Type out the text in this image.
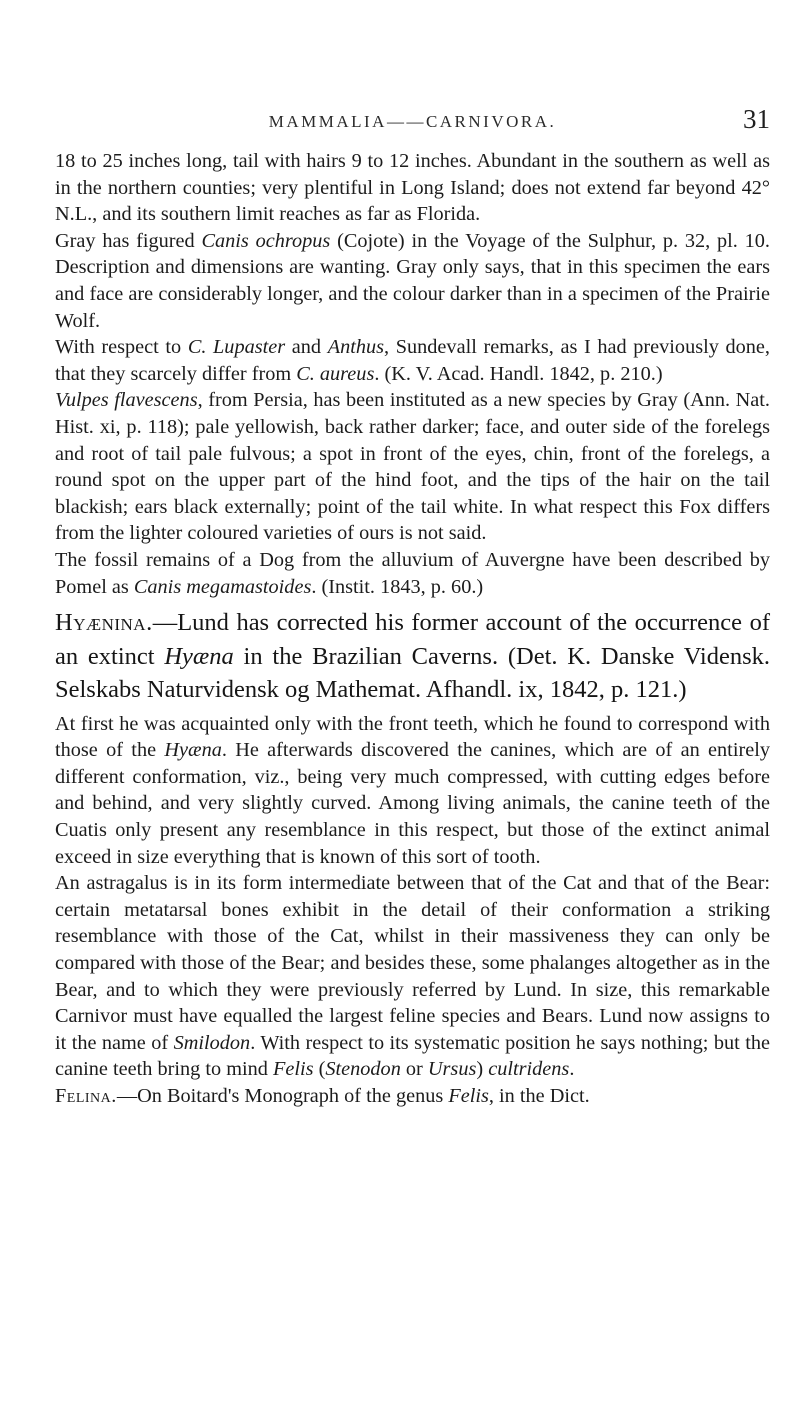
MAMMALIA——CARNIVORA.	31

18 to 25 inches long, tail with hairs 9 to 12 inches. Abundant in the southern as well as in the northern counties; very plentiful in Long Island; does not extend far beyond 42° N.L., and its southern limit reaches as far as Florida.

Gray has figured Canis ochropus (Cojote) in the Voyage of the Sulphur, p. 32, pl. 10. Description and dimensions are wanting. Gray only says, that in this specimen the ears and face are considerably longer, and the colour darker than in a specimen of the Prairie Wolf.

With respect to C. Lupaster and Anthus, Sundevall remarks, as I had previously done, that they scarcely differ from C. aureus. (K. V. Acad. Handl. 1842, p. 210.)

Vulpes flavescens, from Persia, has been instituted as a new species by Gray (Ann. Nat. Hist. xi, p. 118); pale yellowish, back rather darker; face, and outer side of the forelegs and root of tail pale fulvous; a spot in front of the eyes, chin, front of the forelegs, a round spot on the upper part of the hind foot, and the tips of the hair on the tail blackish; ears black externally; point of the tail white. In what respect this Fox differs from the lighter coloured varieties of ours is not said.

The fossil remains of a Dog from the alluvium of Auvergne have been described by Pomel as Canis megamastoides. (Instit. 1843, p. 60.)

Hyænina.—Lund has corrected his former account of the occurrence of an extinct Hyæna in the Brazilian Caverns. (Det. K. Danske Vidensk. Selskabs Naturvidensk og Mathemat. Afhandl. ix, 1842, p. 121.)

At first he was acquainted only with the front teeth, which he found to correspond with those of the Hyæna. He afterwards discovered the canines, which are of an entirely different conformation, viz., being very much compressed, with cutting edges before and behind, and very slightly curved. Among living animals, the canine teeth of the Cuatis only present any resemblance in this respect, but those of the extinct animal exceed in size everything that is known of this sort of tooth.

An astragalus is in its form intermediate between that of the Cat and that of the Bear: certain metatarsal bones exhibit in the detail of their conformation a striking resemblance with those of the Cat, whilst in their massiveness they can only be compared with those of the Bear; and besides these, some phalanges altogether as in the Bear, and to which they were previously referred by Lund. In size, this remarkable Carnivor must have equalled the largest feline species and Bears. Lund now assigns to it the name of Smilodon. With respect to its systematic position he says nothing; but the canine teeth bring to mind Felis (Stenodon or Ursus) cultridens.

Felina.—On Boitard's Monograph of the genus Felis, in the Dict.
